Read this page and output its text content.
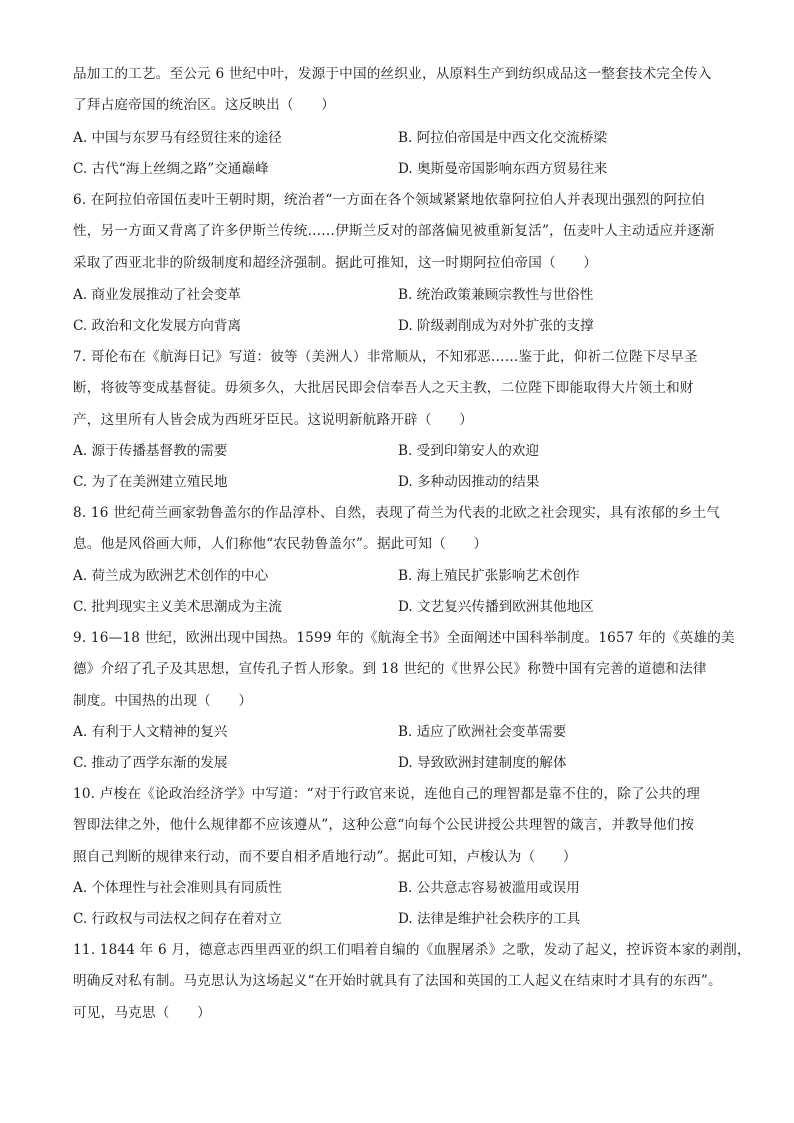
品加工的工艺。至公元 6 世纪中叶，发源于中国的丝织业，从原料生产到纺织成品这一整套技术完全传入
了拜占庭帝国的统治区。这反映出（　　）
A. 中国与东罗马有经贸往来的途径	B. 阿拉伯帝国是中西文化交流桥梁
C. 古代“海上丝绸之路”交通巅峰	D. 奥斯曼帝国影响东西方贸易往来
6. 在阿拉伯帝国伍麦叶王朝时期，统治者“一方面在各个领域紧紧地依靠阿拉伯人并表现出强烈的阿拉伯
性，另一方面又背离了许多伊斯兰传统……伊斯兰反对的部落偏见被重新复活”，伍麦叶人主动适应并逐渐
采取了西亚北非的阶级制度和超经济强制。据此可推知，这一时期阿拉伯帝国（　　）
A. 商业发展推动了社会变革	B. 统治政策兼顾宗教性与世俗性
C. 政治和文化发展方向背离	D. 阶级剥削成为对外扩张的支撑
7. 哥伦布在《航海日记》写道：彼等（美洲人）非常顺从，不知邪恶……鉴于此，仰祈二位陛下尽早圣
断，将彼等变成基督徒。毋须多久，大批居民即会信奉吾人之天主教，二位陛下即能取得大片领土和财
产，这里所有人皆会成为西班牙臣民。这说明新航路开辟（　　）
A. 源于传播基督教的需要	B. 受到印第安人的欢迎
C. 为了在美洲建立殖民地	D. 多种动因推动的结果
8. 16 世纪荷兰画家勃鲁盖尔的作品淳朴、自然，表现了荷兰为代表的北欧之社会现实，具有浓郁的乡土气
息。他是风俗画大师，人们称他“农民勃鲁盖尔”。据此可知（　　）
A. 荷兰成为欧洲艺术创作的中心	B. 海上殖民扩张影响艺术创作
C. 批判现实主义美术思潮成为主流	D. 文艺复兴传播到欧洲其他地区
9. 16—18 世纪，欧洲出现中国热。1599 年的《航海全书》全面阐述中国科举制度。1657 年的《英雄的美
德》介绍了孔子及其思想，宣传孔子哲人形象。到 18 世纪的《世界公民》称赞中国有完善的道德和法律
制度。中国热的出现（　　）
A. 有利于人文精神的复兴	B. 适应了欧洲社会变革需要
C. 推动了西学东渐的发展	D. 导致欧洲封建制度的解体
10. 卢梭在《论政治经济学》中写道：“对于行政官来说，连他自己的理智都是靠不住的，除了公共的理
智即法律之外，他什么规律都不应该遵从”，这种公意“向每个公民讲授公共理智的箴言，并教导他们按
照自己判断的规律来行动，而不要自相矛盾地行动”。据此可知，卢梭认为（　　）
A. 个体理性与社会准则具有同质性	B. 公共意志容易被滥用或误用
C. 行政权与司法权之间存在着对立	D. 法律是维护社会秩序的工具
11. 1844 年 6 月，德意志西里西亚的织工们唱着自编的《血腥屠杀》之歌，发动了起义，控诉资本家的剥削，
明确反对私有制。马克思认为这场起义“在开始时就具有了法国和英国的工人起义在结束时才具有的东西”。
可见，马克思（　　）
